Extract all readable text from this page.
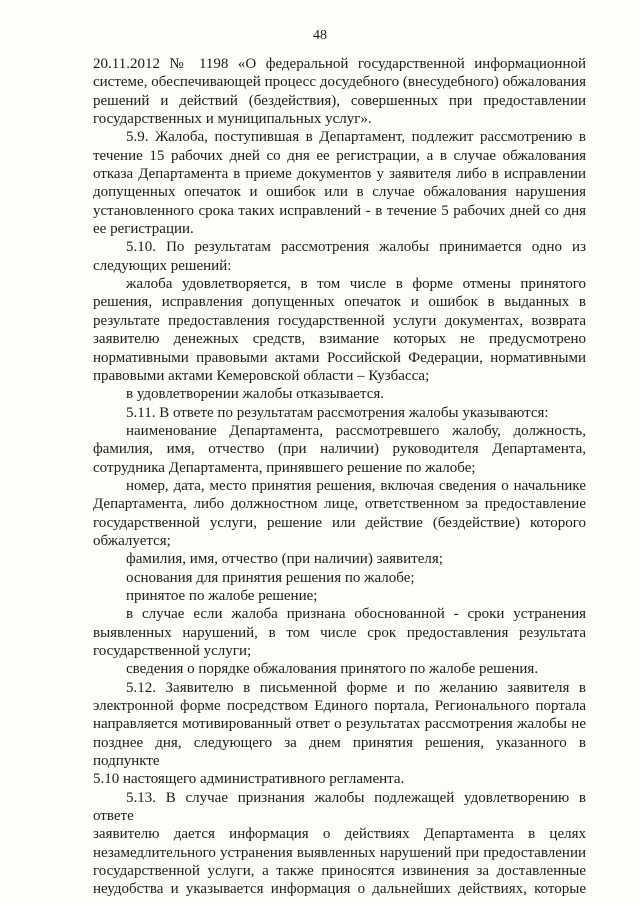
48

20.11.2012 № 1198 «О федеральной государственной информационной

системе, обеспечивающей процесс досудебного (внесудебного) обжалования

решений и действий (бездействия), совершенных при предоставлении

государственных и муниципальных услуг».

5.9. Жалоба, поступившая в Департамент, подлежит рассмотрению в

течение 15 рабочих дней со дня ее регистрации, а в случае обжалования

отказа Департамента в приеме документов у заявителя либо в исправлении

допущенных опечаток и ошибок или в случае обжалования нарушения

установленного срока таких исправлений - в течение 5 рабочих дней со дня

ее регистрации.

5.10. По результатам рассмотрения жалобы принимается одно из

следующих решений:

жалоба удовлетворяется, в том числе в форме отмены принятого

решения, исправления допущенных опечаток и ошибок в выданных в

результате предоставления государственной услуги документах, возврата

заявителю денежных средств, взимание которых не предусмотрено

нормативными правовыми актами Российской Федерации, нормативными

правовыми актами Кемеровской области – Кузбасса;

в удовлетворении жалобы отказывается.

5.11. В ответе по результатам рассмотрения жалобы указываются:

наименование Департамента, рассмотревшего жалобу, должность,

фамилия, имя, отчество (при наличии) руководителя Департамента,

сотрудника Департамента, принявшего решение по жалобе;

номер, дата, место принятия решения, включая сведения о начальнике

Департамента, либо должностном лице, ответственном за предоставление

государственной услуги, решение или действие (бездействие) которого

обжалуется;

фамилия, имя, отчество (при наличии) заявителя;

основания для принятия решения по жалобе;

принятое по жалобе решение;

в случае если жалоба признана обоснованной - сроки устранения

выявленных нарушений, в том числе срок предоставления результата

государственной услуги;

сведения о порядке обжалования принятого по жалобе решения.

5.12. Заявителю в письменной форме и по желанию заявителя в

электронной форме посредством Единого портала, Регионального портала

направляется мотивированный ответ о результатах рассмотрения жалобы не

позднее дня, следующего за днем принятия решения, указанного в подпункте

5.10 настоящего административного регламента.

5.13. В случае признания жалобы подлежащей удовлетворению в ответе

заявителю дается информация о действиях Департамента в целях

незамедлительного устранения выявленных нарушений при предоставлении

государственной услуги, а также приносятся извинения за доставленные

неудобства и указывается информация о дальнейших действиях, которые
